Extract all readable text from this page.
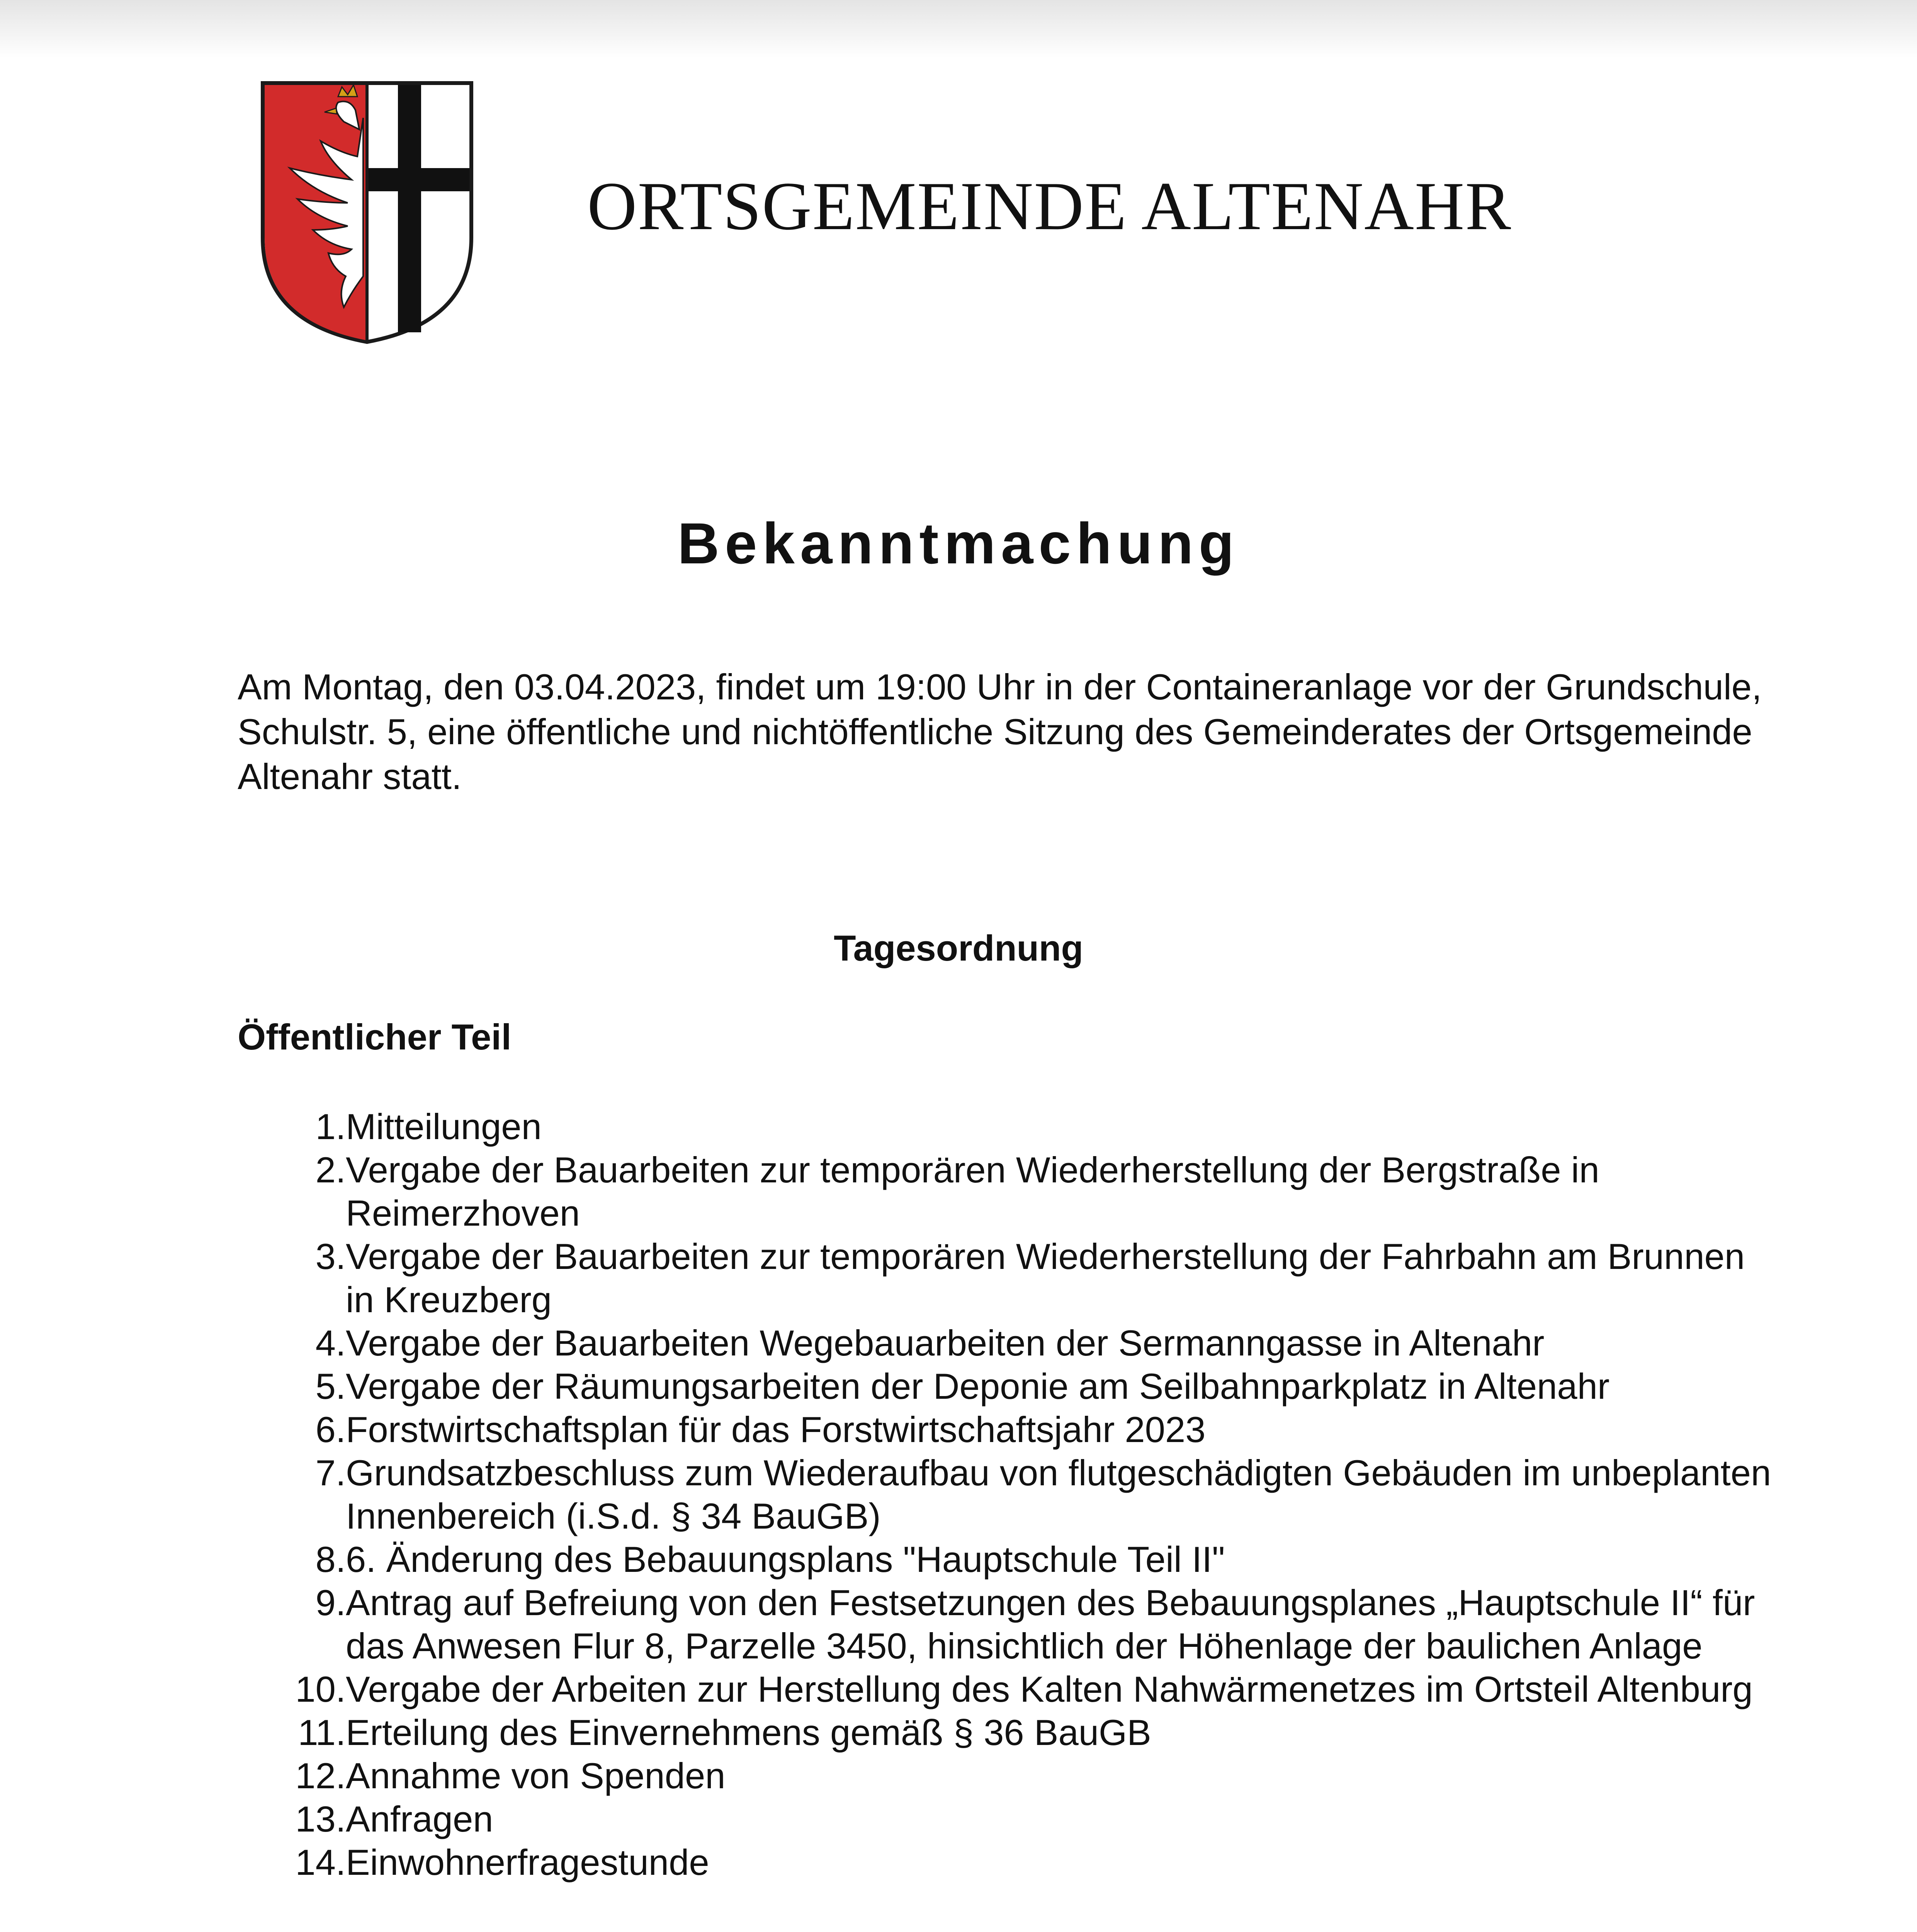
ORTSGEMEINDE ALTENAHR
Bekanntmachung
Am Montag, den 03.04.2023, findet um 19:00 Uhr in der Containeranlage vor der Grundschule, Schulstr. 5, eine öffentliche und nichtöffentliche Sitzung des Gemeinderates der Ortsgemeinde Altenahr statt.
Tagesordnung
Öffentlicher Teil
1. Mitteilungen
2. Vergabe der Bauarbeiten zur temporären Wiederherstellung der Bergstraße in Reimerzhoven
3. Vergabe der Bauarbeiten zur temporären Wiederherstellung der Fahrbahn am Brunnen in Kreuzberg
4. Vergabe der Bauarbeiten Wegebauarbeiten der Sermanngasse in Altenahr
5. Vergabe der Räumungsarbeiten der Deponie am Seilbahnparkplatz in Altenahr
6. Forstwirtschaftsplan für das Forstwirtschaftsjahr 2023
7. Grundsatzbeschluss zum Wiederaufbau von flutgeschädigten Gebäuden im unbeplanten Innenbereich (i.S.d. § 34 BauGB)
8. 6. Änderung des Bebauungsplans "Hauptschule Teil II"
9. Antrag auf Befreiung von den Festsetzungen des Bebauungsplanes „Hauptschule II“ für das Anwesen Flur 8, Parzelle 3450, hinsichtlich der Höhenlage der baulichen Anlage
10. Vergabe der Arbeiten zur Herstellung des Kalten Nahwärmenetzes im Ortsteil Altenburg
11. Erteilung des Einvernehmens gemäß § 36 BauGB
12. Annahme von Spenden
13. Anfragen
14. Einwohnerfragestunde
